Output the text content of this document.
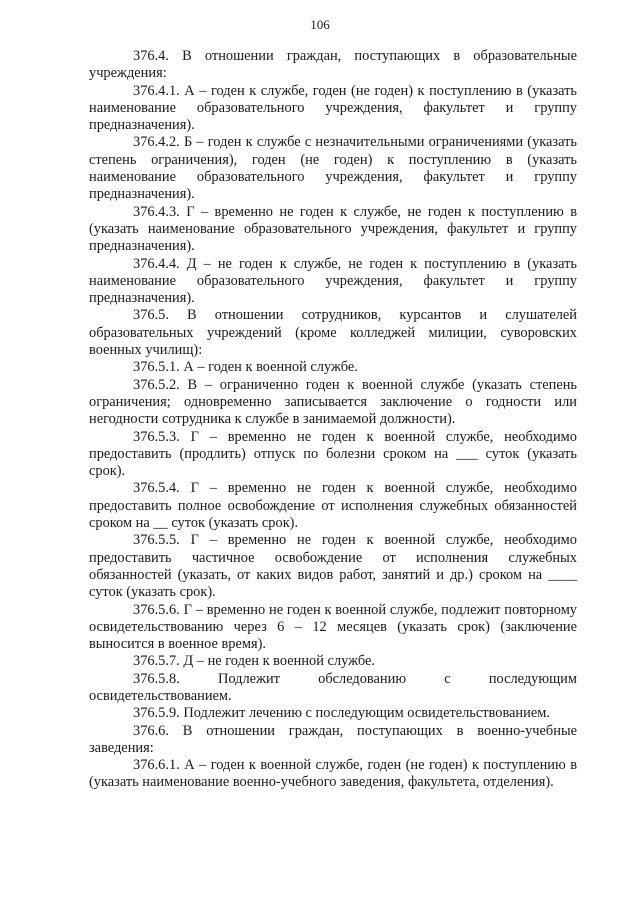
106

376.4. В отношении граждан, поступающих в образовательные учреждения:

376.4.1. А – годен к службе, годен (не годен) к поступлению в (указать наименование образовательного учреждения, факультет и группу предназначения).

376.4.2. Б – годен к службе с незначительными ограничениями (указать степень ограничения), годен (не годен) к поступлению в (указать наименование образовательного учреждения, факультет и группу предназначения).

376.4.3. Г – временно не годен к службе, не годен к поступлению в (указать наименование образовательного учреждения, факультет и группу предназначения).

376.4.4. Д – не годен к службе, не годен к поступлению в (указать наименование образовательного учреждения, факультет и группу предназначения).

376.5. В отношении сотрудников, курсантов и слушателей образовательных учреждений (кроме колледжей милиции, суворовских военных училищ):

376.5.1. А – годен к военной службе.

376.5.2. В – ограниченно годен к военной службе (указать степень ограничения; одновременно записывается заключение о годности или негодности сотрудника к службе в занимаемой должности).

376.5.3. Г – временно не годен к военной службе, необходимо предоставить (продлить) отпуск по болезни сроком на ___ суток (указать срок).

376.5.4. Г – временно не годен к военной службе, необходимо предоставить полное освобождение от исполнения служебных обязанностей сроком на __ суток (указать срок).

376.5.5. Г – временно не годен к военной службе, необходимо предоставить частичное освобождение от исполнения служебных обязанностей (указать, от каких видов работ, занятий и др.) сроком на ____ суток (указать срок).

376.5.6. Г – временно не годен к военной службе, подлежит повторному освидетельствованию через 6 – 12 месяцев (указать срок) (заключение выносится в военное время).

376.5.7. Д – не годен к военной службе.

376.5.8. Подлежит обследованию с последующим освидетельствованием.

376.5.9. Подлежит лечению с последующим освидетельствованием.

376.6. В отношении граждан, поступающих в военно-учебные заведения:

376.6.1. А – годен к военной службе, годен (не годен) к поступлению в (указать наименование военно-учебного заведения, факультета, отделения).
